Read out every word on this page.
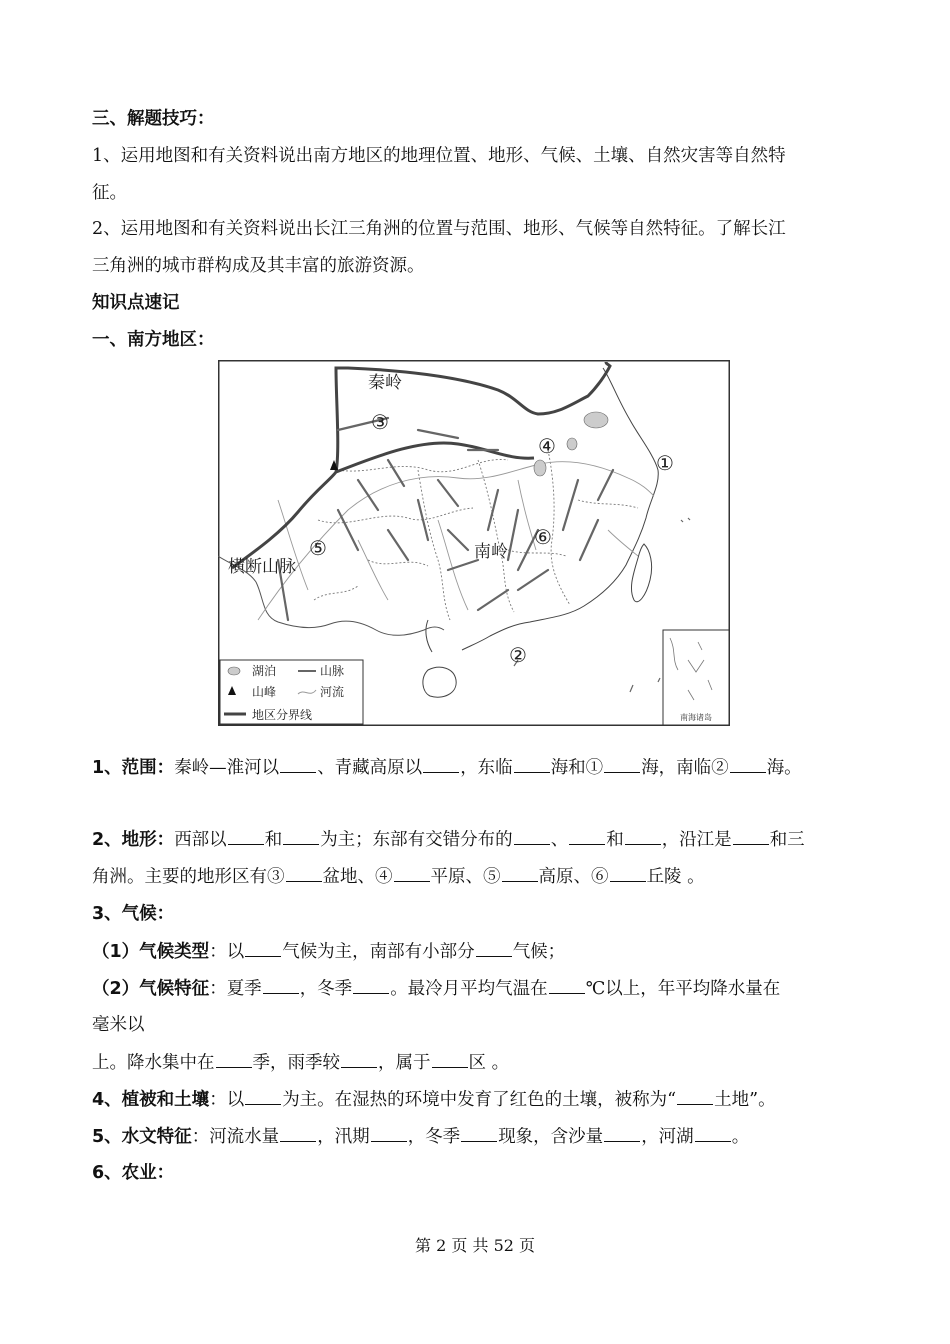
三、解题技巧：
1、运用地图和有关资料说出南方地区的地理位置、地形、气候、土壤、自然灾害等自然特
征。
2、运用地图和有关资料说出长江三角洲的位置与范围、地形、气候等自然特征。了解长江
三角洲的城市群构成及其丰富的旅游资源。
知识点速记
一、南方地区：
南海诸岛
湖泊	山脉
山峰	河流
地区分界线
秦岭
横断山脉
南岭
①
②
③
④
⑤	⑥
1、范围：秦岭—淮河以 、青藏高原以 ，东临 海和① 海，南临② 海。
2、地形：西部以 和 为主；东部有交错分布的 、 和 ，沿江是 和三
角洲。主要的地形区有③ 盆地、④ 平原、⑤ 高原、⑥ 丘陵 。
3、气候：
（1）气候类型：以 气候为主，南部有小部分 气候；
（2）气候特征：夏季 ，冬季 。最冷月平均气温在 ℃以上，年平均降水量在
毫米以
上。降水集中在 季，雨季较 ，属于 区 。
4、植被和土壤：以 为主。在湿热的环境中发育了红色的土壤，被称为“ 土地”。
5、水文特征：河流水量 ，汛期 ，冬季 现象，含沙量 ，河湖 。
6、农业：
第 2 页 共 52 页
